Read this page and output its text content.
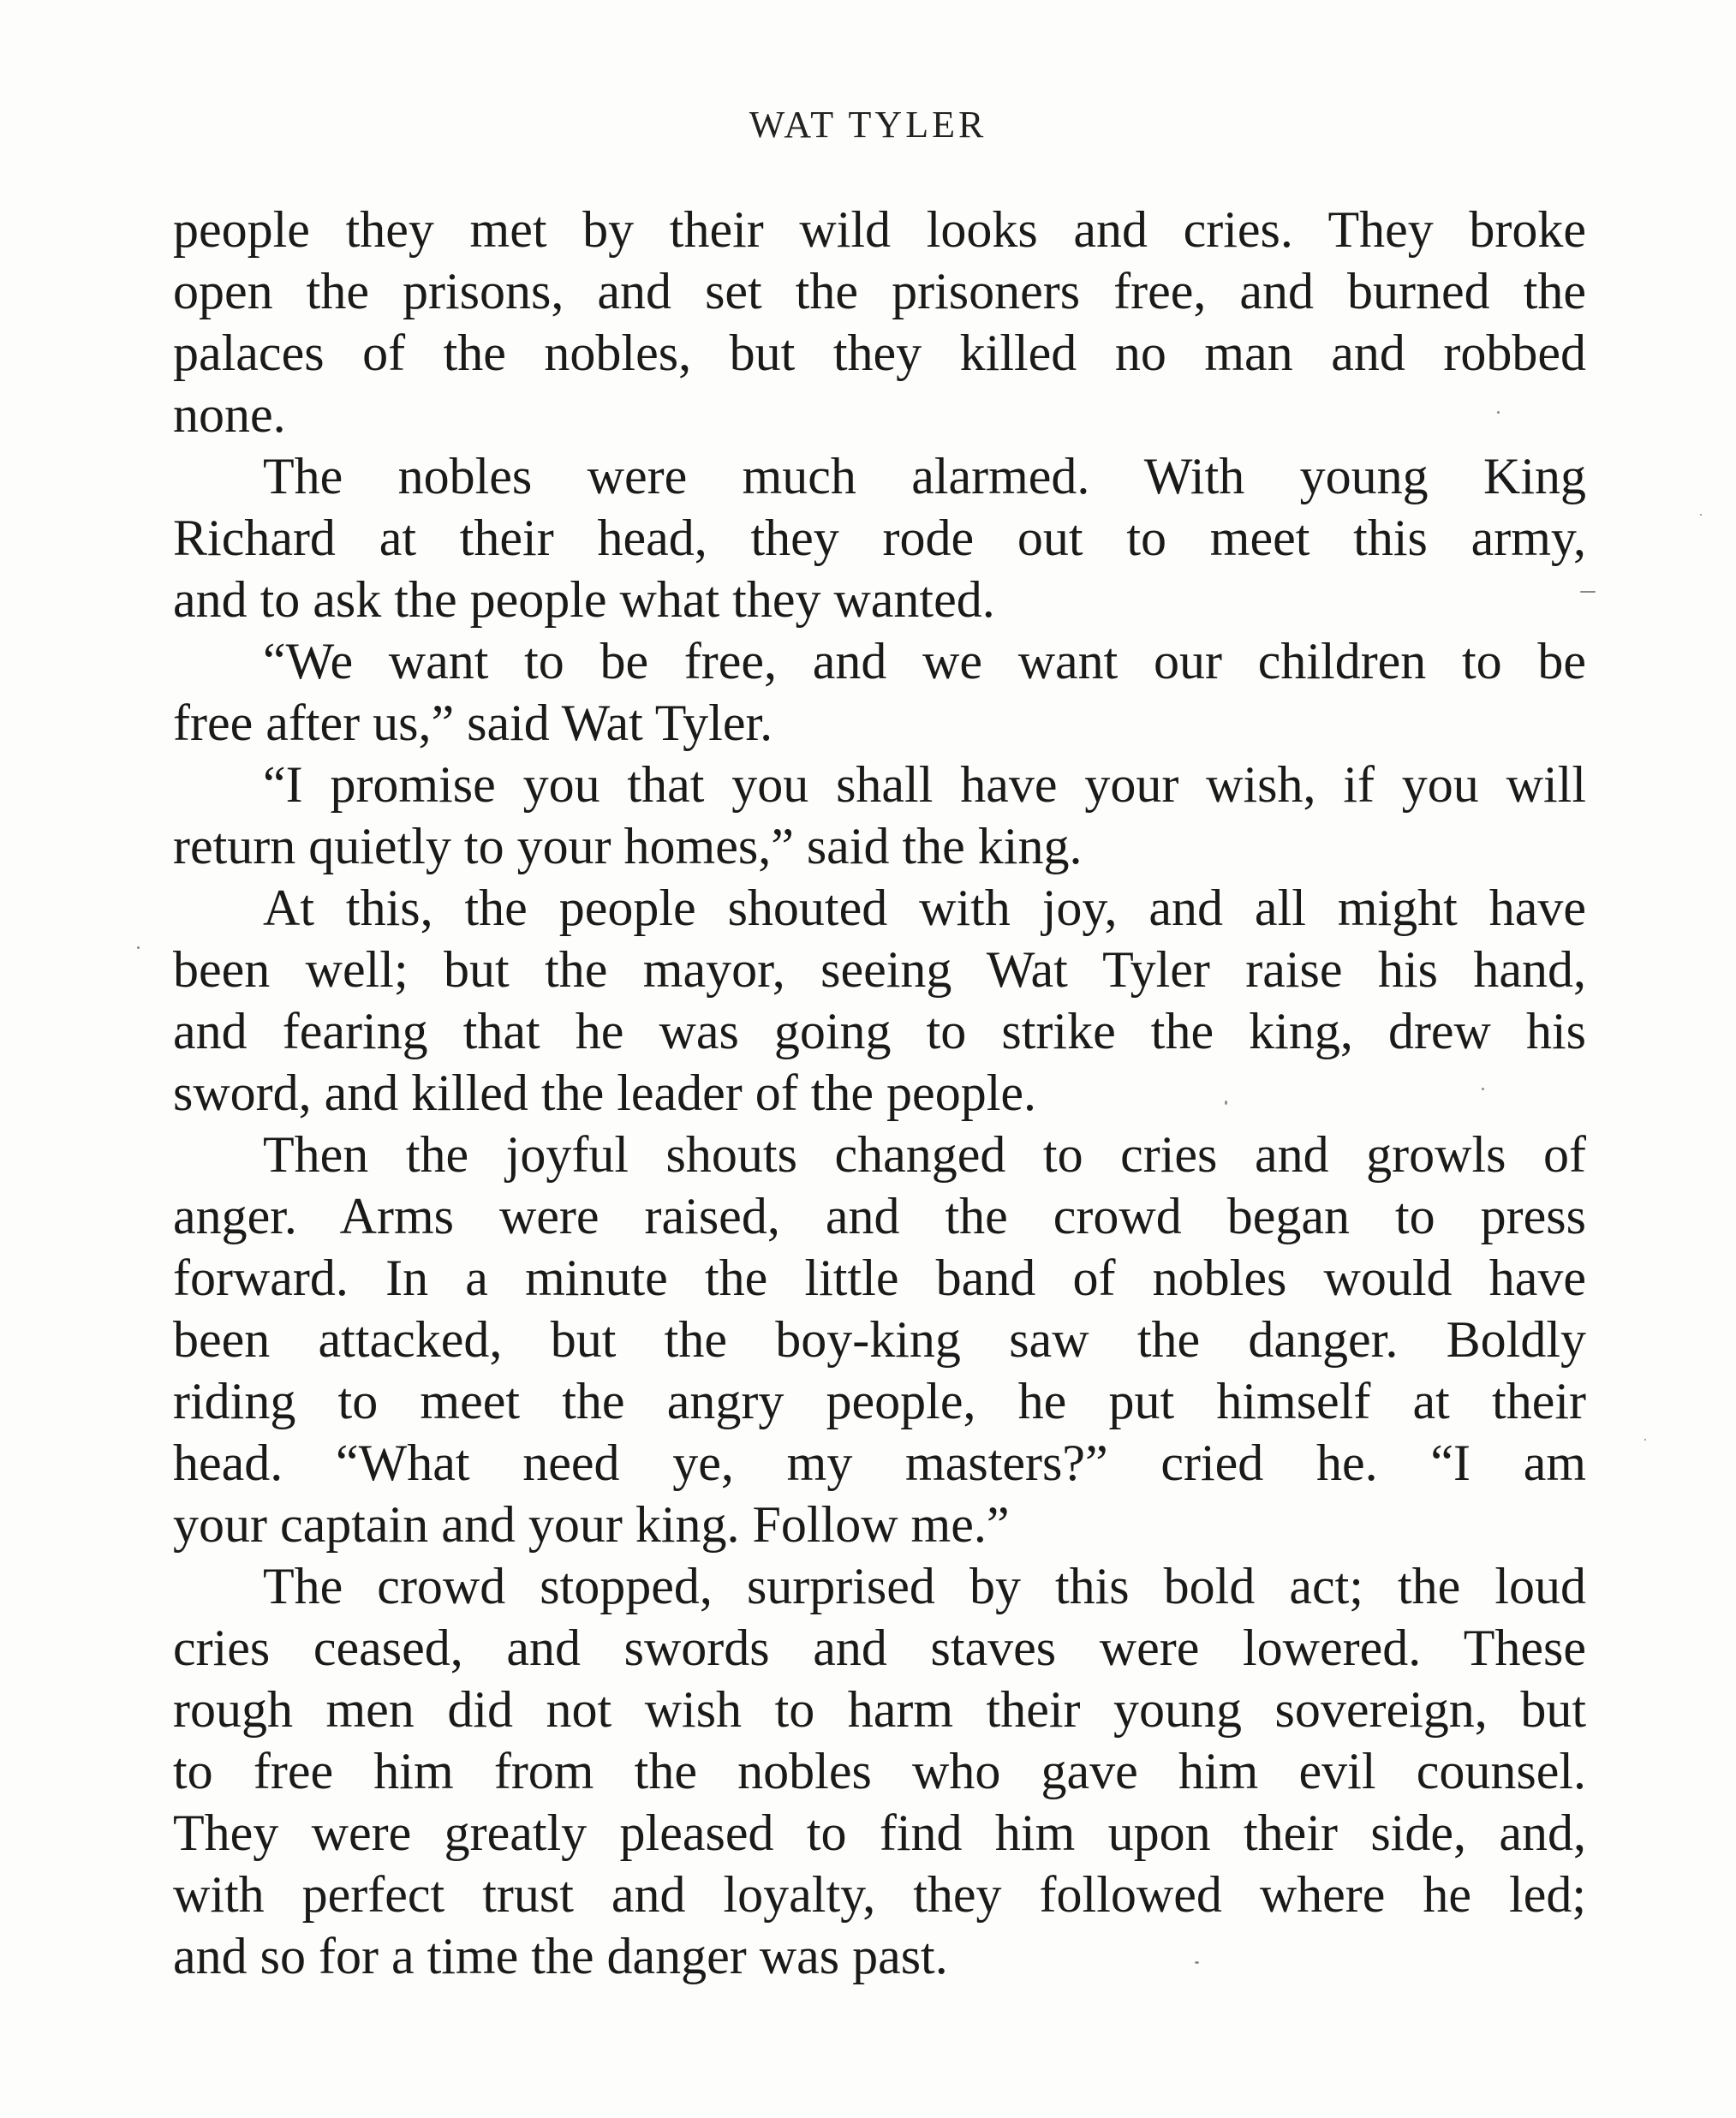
WAT TYLER
people they met by their wild looks and cries. They broke
open the prisons, and set the prisoners free, and burned the
palaces of the nobles, but they killed no man and robbed
none.
The nobles were much alarmed. With young King
Richard at their head, they rode out to meet this army,
and to ask the people what they wanted.
“We want to be free, and we want our children to be
free after us,” said Wat Tyler.
“I promise you that you shall have your wish, if you will
return quietly to your homes,” said the king.
At this, the people shouted with joy, and all might have
been well; but the mayor, seeing Wat Tyler raise his hand,
and fearing that he was going to strike the king, drew his
sword, and killed the leader of the people.
Then the joyful shouts changed to cries and growls of
anger. Arms were raised, and the crowd began to press
forward. In a minute the little band of nobles would have
been attacked, but the boy-king saw the danger. Boldly
riding to meet the angry people, he put himself at their
head. “What need ye, my masters?” cried he. “I am
your captain and your king. Follow me.”
The crowd stopped, surprised by this bold act; the loud
cries ceased, and swords and staves were lowered. These
rough men did not wish to harm their young sovereign, but
to free him from the nobles who gave him evil counsel.
They were greatly pleased to find him upon their side, and,
with perfect trust and loyalty, they followed where he led;
and so for a time the danger was past.
